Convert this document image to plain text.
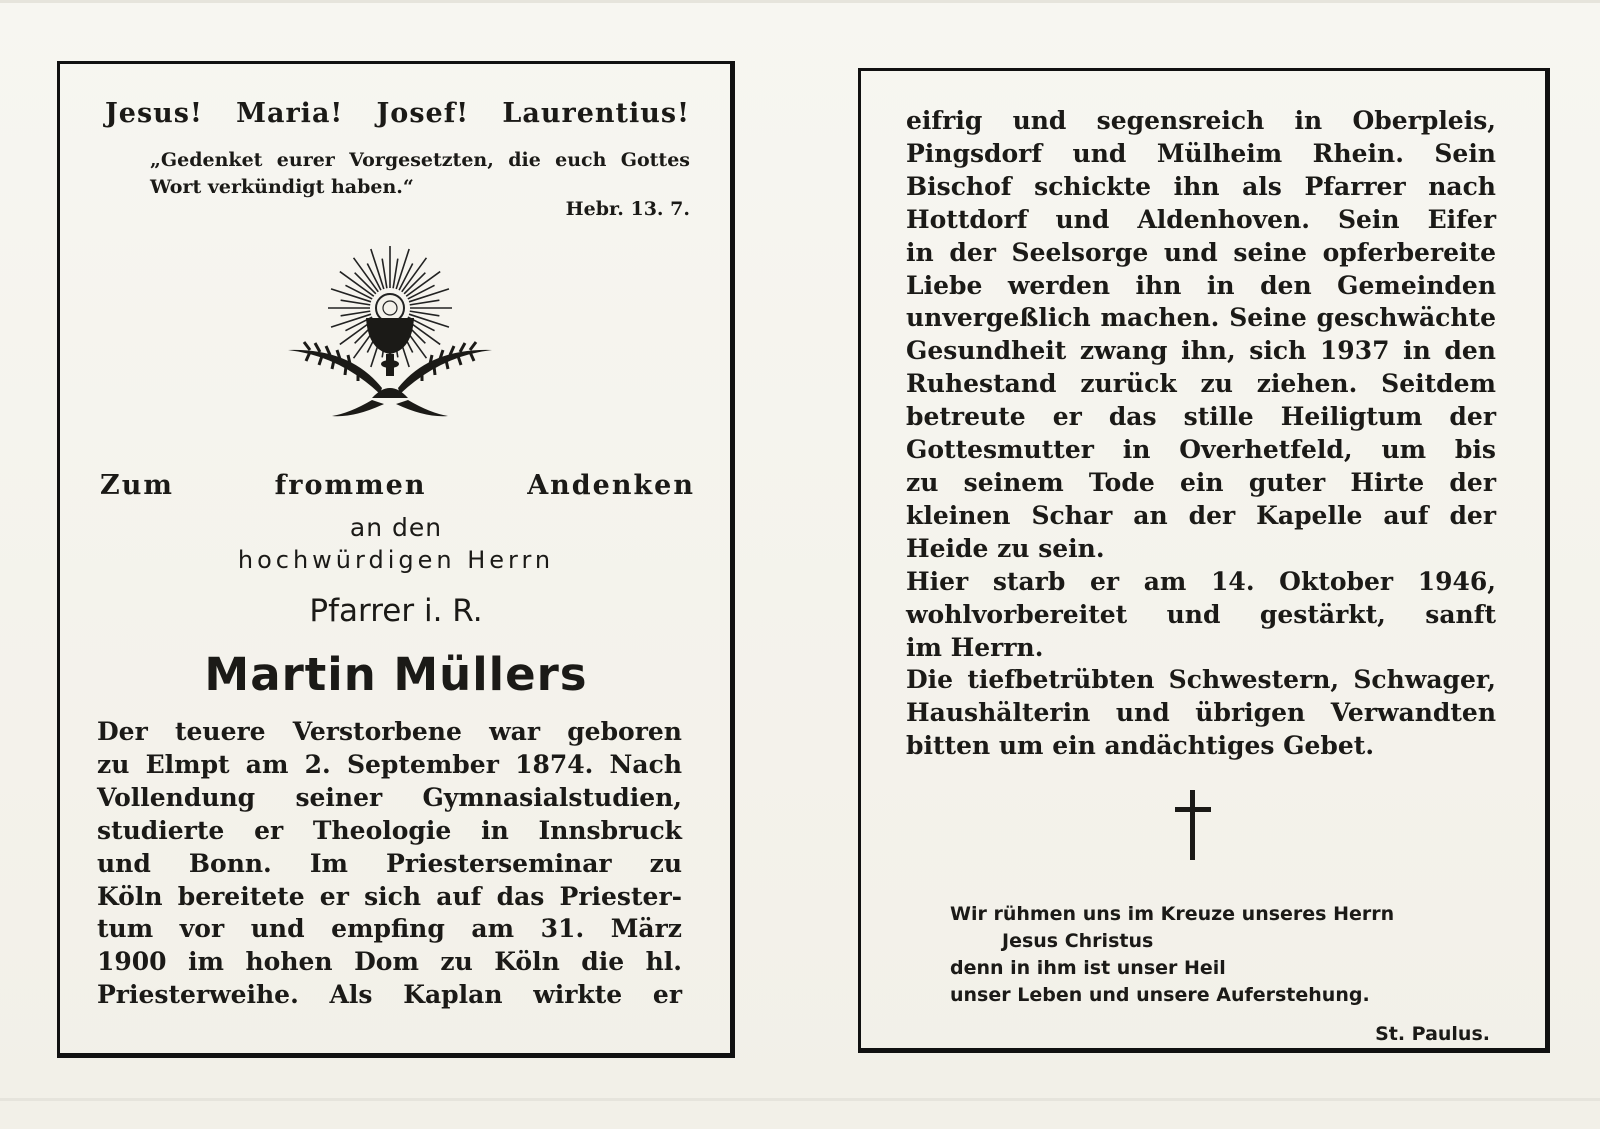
Jesus! Maria! Josef! Laurentius!
„Gedenket eurer Vorgesetzten, die euch Gottes Wort verkündigt haben.“
Hebr. 13. 7.
Zum	frommen	Andenken
an den
hochwürdigen Herrn
Pfarrer i. R.
Martin Müllers
Der teuere Verstorbene war geboren
zu Elmpt am 2. September 1874. Nach
Vollendung seiner Gymnasialstudien,
studierte er Theologie in Innsbruck
und Bonn. Im Priesterseminar zu
Köln bereitete er sich auf das Priester-
tum vor und empfing am 31. März
1900 im hohen Dom zu Köln die hl.
Priesterweihe. Als Kaplan wirkte er
eifrig und segensreich in Oberpleis,
Pingsdorf und Mülheim Rhein. Sein
Bischof schickte ihn als Pfarrer nach
Hottdorf und Aldenhoven. Sein Eifer
in der Seelsorge und seine opferbereite
Liebe werden ihn in den Gemeinden
unvergeßlich machen. Seine geschwächte
Gesundheit zwang ihn, sich 1937 in den
Ruhestand zurück zu ziehen. Seitdem
betreute er das stille Heiligtum der
Gottesmutter in Overhetfeld, um bis
zu seinem Tode ein guter Hirte der
kleinen Schar an der Kapelle auf der
Heide zu sein.
Hier starb er am 14. Oktober 1946,
wohlvorbereitet und gestärkt, sanft
im Herrn.
Die tiefbetrübten Schwestern, Schwager,
Haushälterin und übrigen Verwandten
bitten um ein andächtiges Gebet.
Wir rühmen uns im Kreuze unseres Herrn
Jesus Christus
denn in ihm ist unser Heil
unser Leben und unsere Auferstehung.
St. Paulus.
